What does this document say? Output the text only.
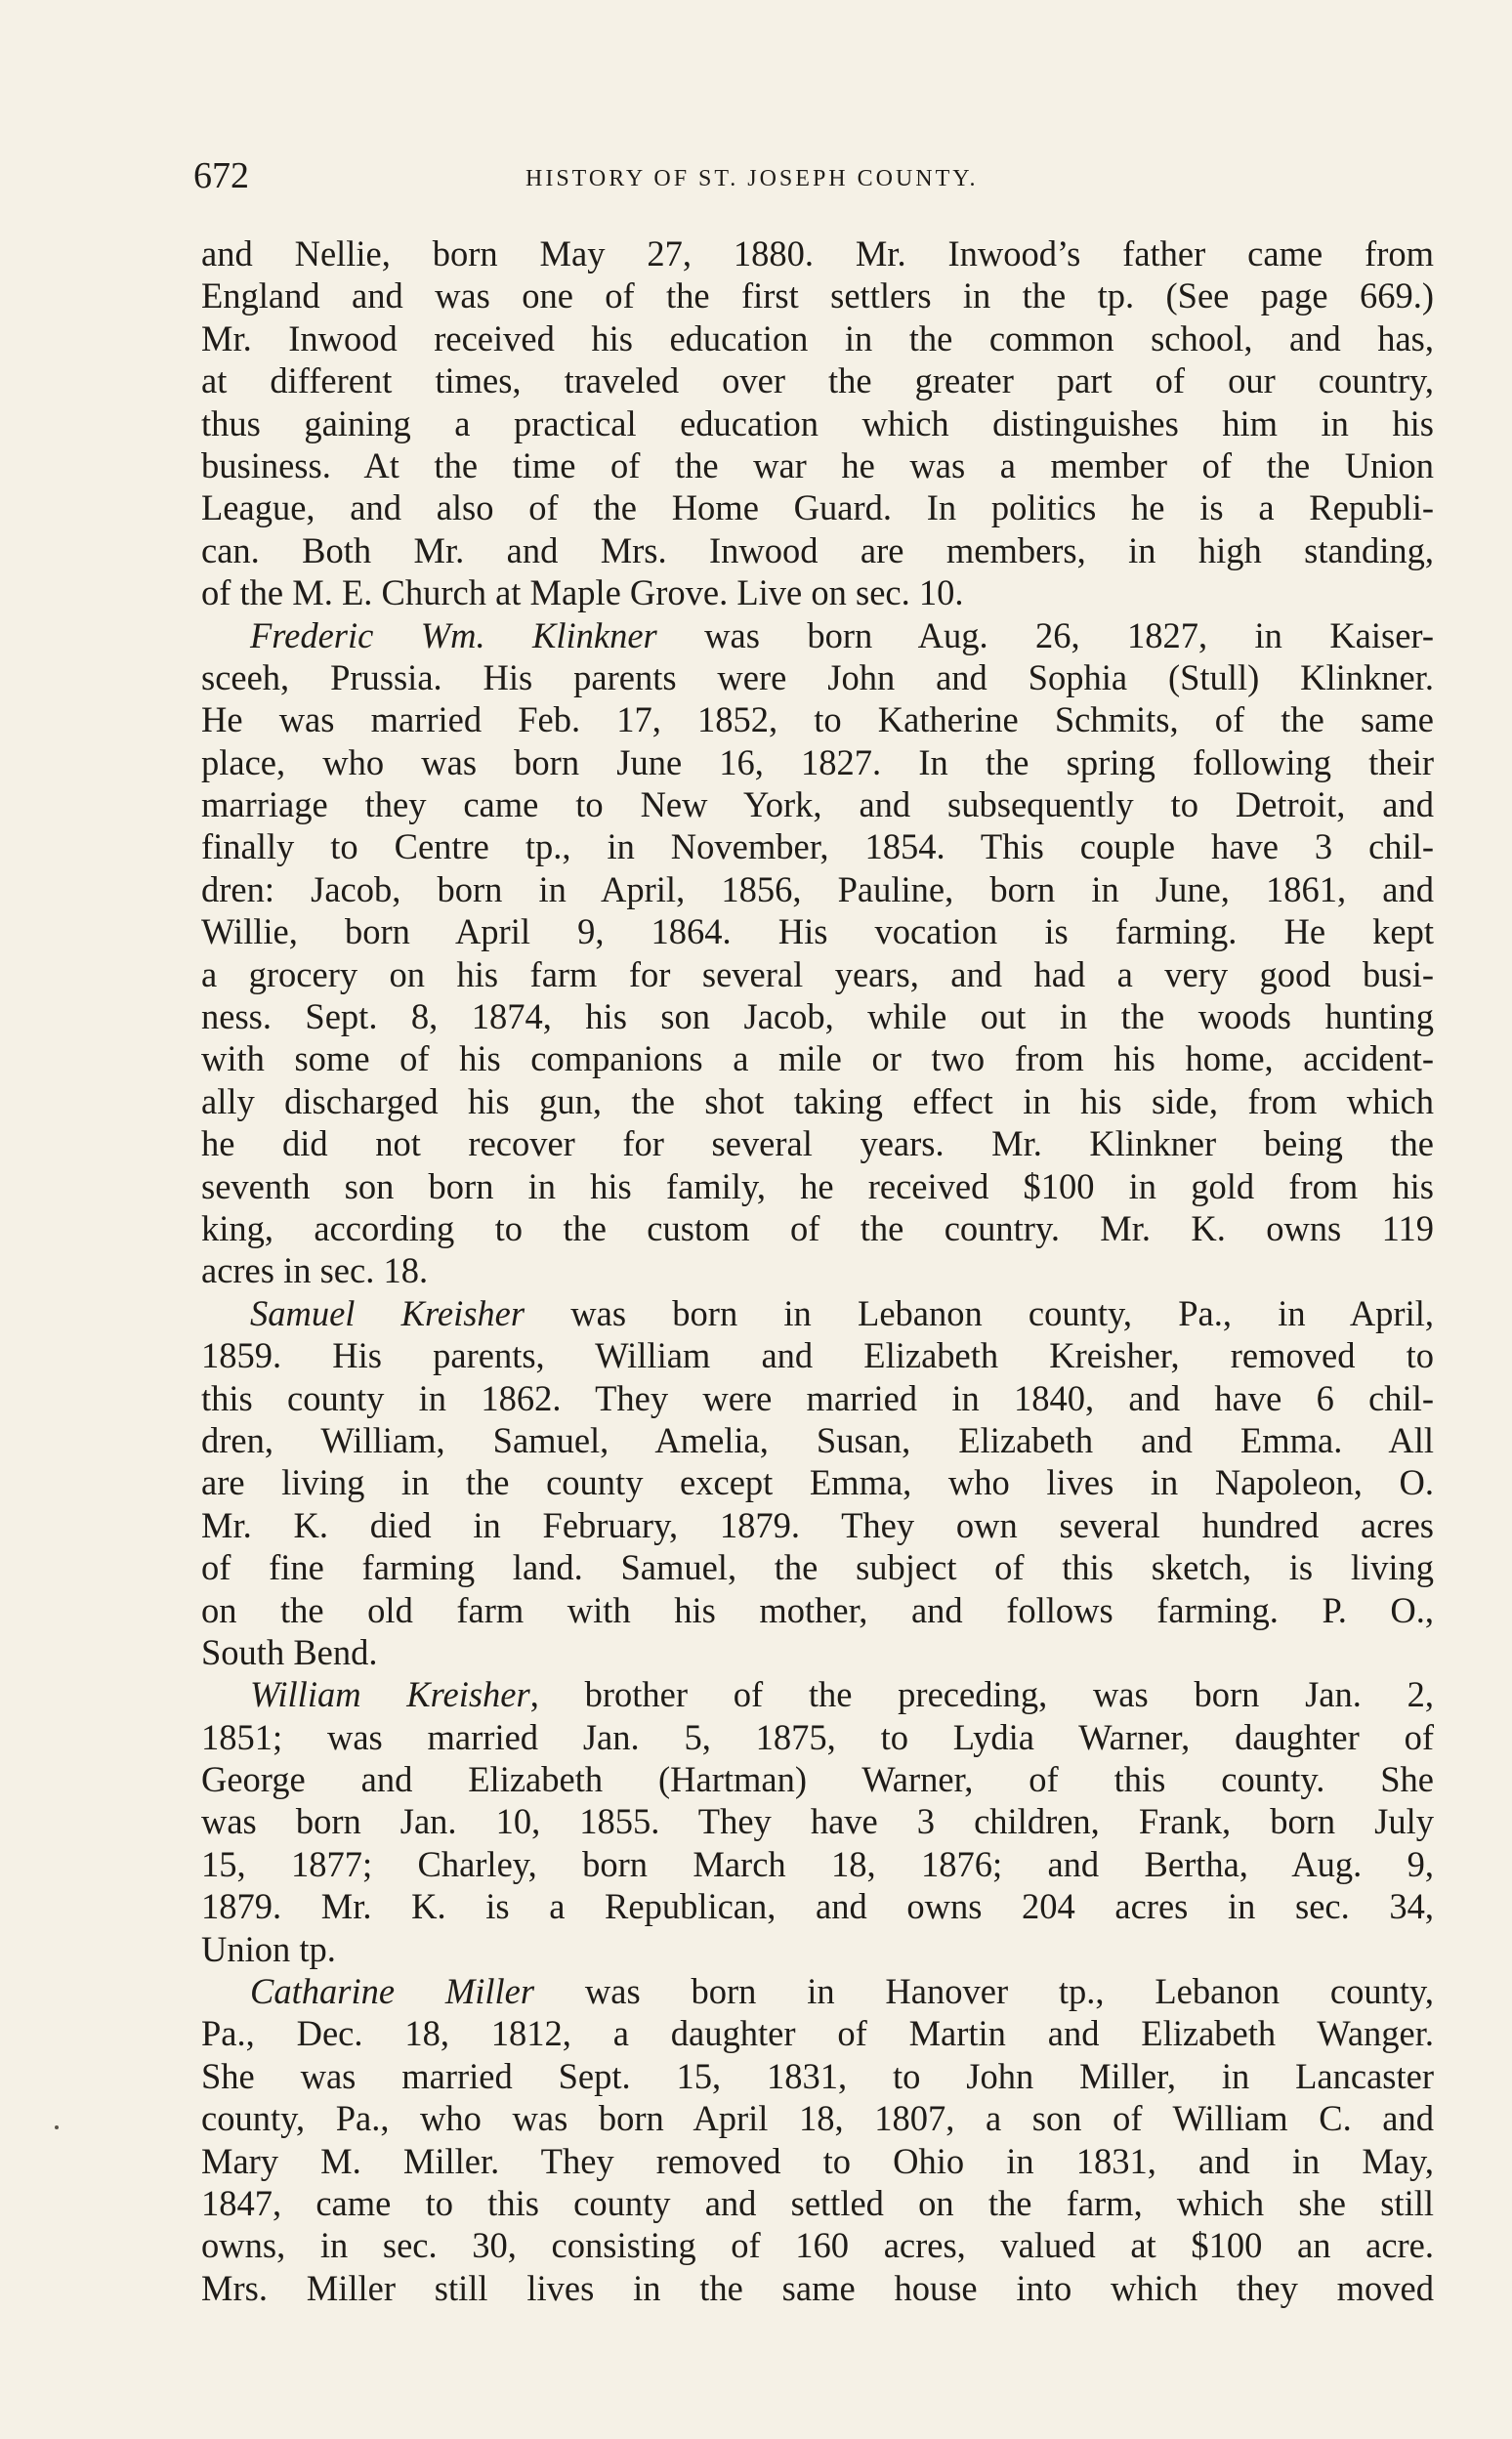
672	HISTORY OF ST. JOSEPH COUNTY.
and Nellie, born May 27, 1880. Mr. Inwood’s father came from
England and was one of the first settlers in the tp. (See page 669.)
Mr. Inwood received his education in the common school, and has,
at different times, traveled over the greater part of our country,
thus gaining a practical education which distinguishes him in his
business. At the time of the war he was a member of the Union
League, and also of the Home Guard. In politics he is a Republi-
can. Both Mr. and Mrs. Inwood are members, in high standing,
of the M. E. Church at Maple Grove. Live on sec. 10.
Frederic Wm. Klinkner was born Aug. 26, 1827, in Kaiser-
sceeh, Prussia. His parents were John and Sophia (Stull) Klinkner.
He was married Feb. 17, 1852, to Katherine Schmits, of the same
place, who was born June 16, 1827. In the spring following their
marriage they came to New York, and subsequently to Detroit, and
finally to Centre tp., in November, 1854. This couple have 3 chil-
dren: Jacob, born in April, 1856, Pauline, born in June, 1861, and
Willie, born April 9, 1864. His vocation is farming. He kept
a grocery on his farm for several years, and had a very good busi-
ness. Sept. 8, 1874, his son Jacob, while out in the woods hunting
with some of his companions a mile or two from his home, accident-
ally discharged his gun, the shot taking effect in his side, from which
he did not recover for several years. Mr. Klinkner being the
seventh son born in his family, he received $100 in gold from his
king, according to the custom of the country. Mr. K. owns 119
acres in sec. 18.
Samuel Kreisher was born in Lebanon county, Pa., in April,
1859. His parents, William and Elizabeth Kreisher, removed to
this county in 1862. They were married in 1840, and have 6 chil-
dren, William, Samuel, Amelia, Susan, Elizabeth and Emma. All
are living in the county except Emma, who lives in Napoleon, O.
Mr. K. died in February, 1879. They own several hundred acres
of fine farming land. Samuel, the subject of this sketch, is living
on the old farm with his mother, and follows farming. P. O.,
South Bend.
William Kreisher, brother of the preceding, was born Jan. 2,
1851; was married Jan. 5, 1875, to Lydia Warner, daughter of
George and Elizabeth (Hartman) Warner, of this county. She
was born Jan. 10, 1855. They have 3 children, Frank, born July
15, 1877; Charley, born March 18, 1876; and Bertha, Aug. 9,
1879. Mr. K. is a Republican, and owns 204 acres in sec. 34,
Union tp.
Catharine Miller was born in Hanover tp., Lebanon county,
Pa., Dec. 18, 1812, a daughter of Martin and Elizabeth Wanger.
She was married Sept. 15, 1831, to John Miller, in Lancaster
county, Pa., who was born April 18, 1807, a son of William C. and
Mary M. Miller. They removed to Ohio in 1831, and in May,
1847, came to this county and settled on the farm, which she still
owns, in sec. 30, consisting of 160 acres, valued at $100 an acre.
Mrs. Miller still lives in the same house into which they moved
